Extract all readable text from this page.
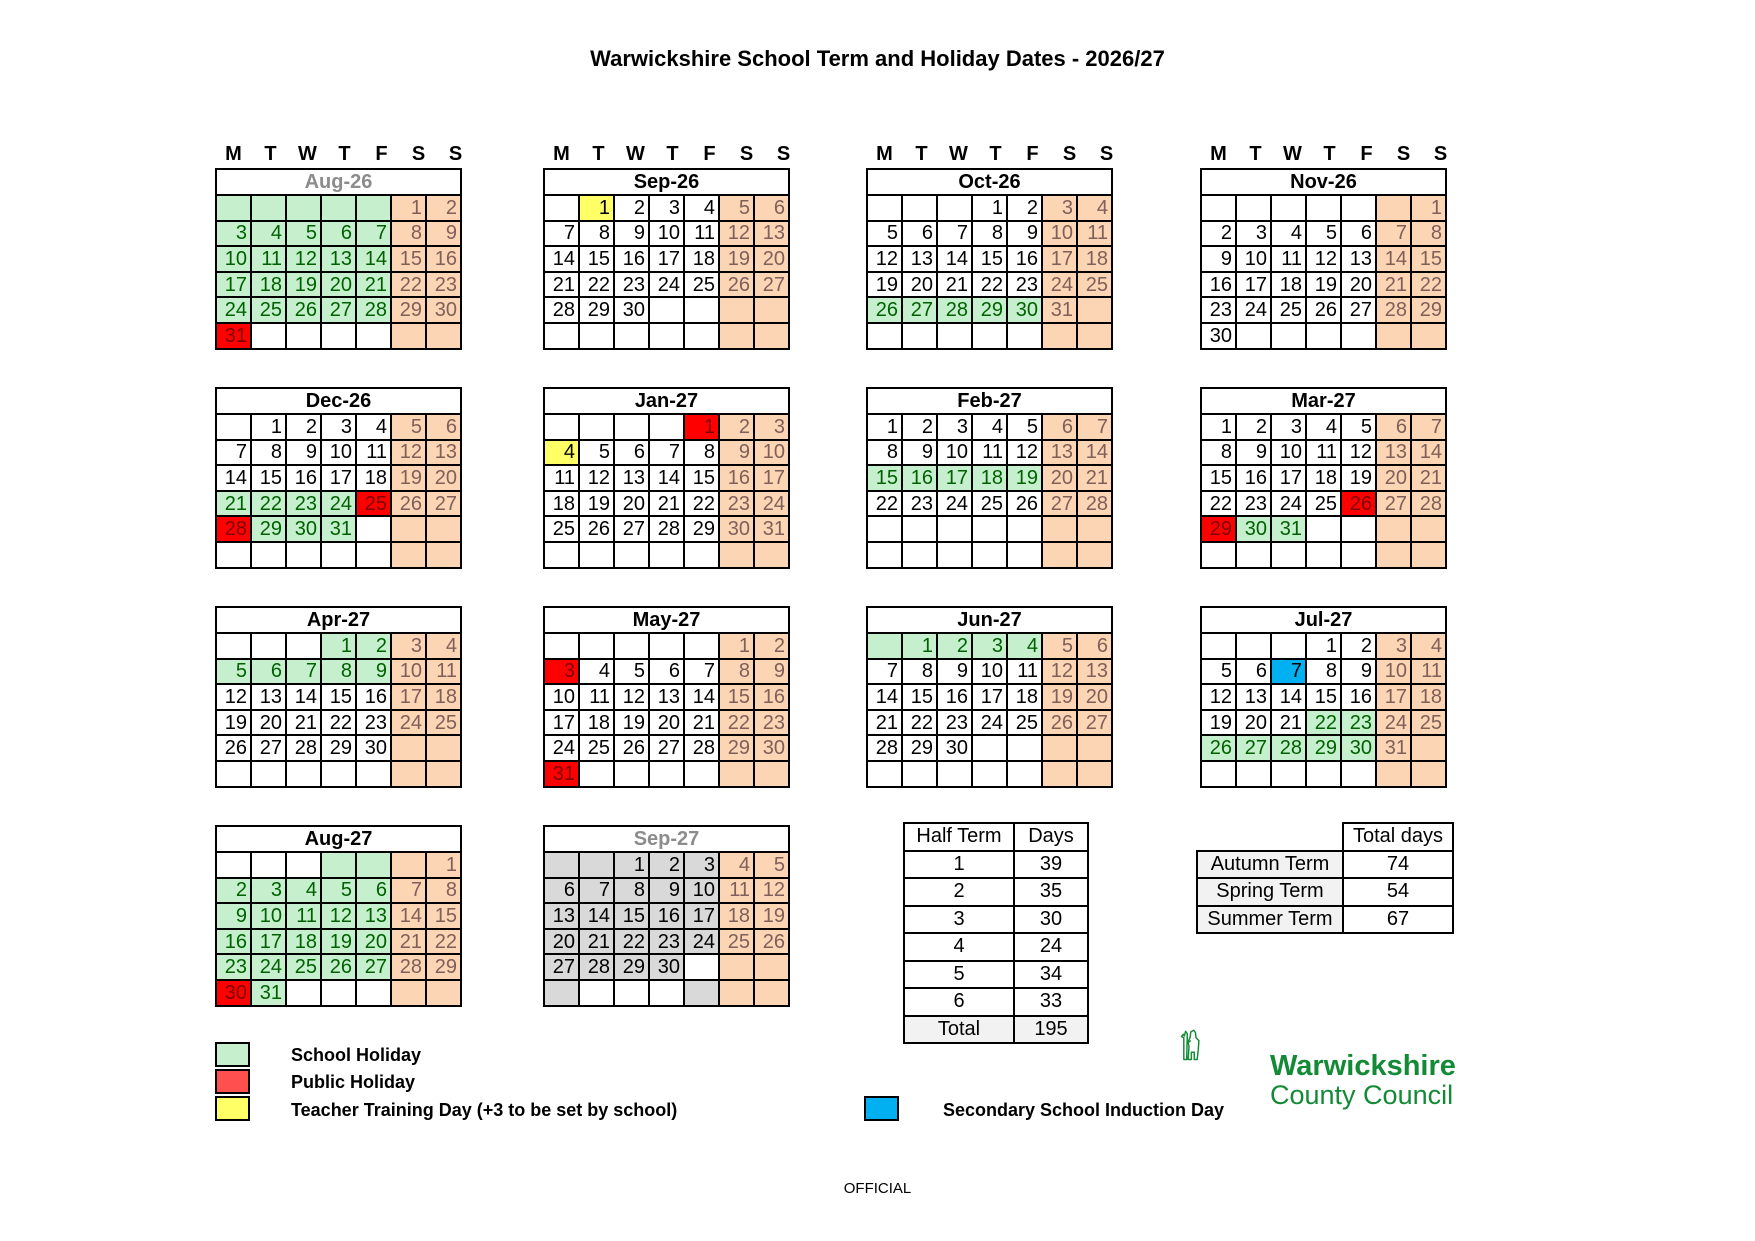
Warwickshire School Term and Holiday Dates - 2026/27
M	T	W	T	F	S	S	M	T	W	T	F	S	S	M	T	W	T	F	S	S	M	T	W	T	F	S	S
Aug-26						
					1	2
3	4	5	6	7	8	9
10	11	12	13	14	15	16
17	18	19	20	21	22	23
24	25	26	27	28	29	30
31						
Sep-26						
	1	2	3	4	5	6
7	8	9	10	11	12	13
14	15	16	17	18	19	20
21	22	23	24	25	26	27
28	29	30				

Oct-26						
			1	2	3	4
5	6	7	8	9	10	11
12	13	14	15	16	17	18
19	20	21	22	23	24	25
26	27	28	29	30	31	

Nov-26						
						1
2	3	4	5	6	7	8
9	10	11	12	13	14	15
16	17	18	19	20	21	22
23	24	25	26	27	28	29
30						
Dec-26						
	1	2	3	4	5	6
7	8	9	10	11	12	13
14	15	16	17	18	19	20
21	22	23	24	25	26	27
28	29	30	31			

Jan-27						
				1	2	3
4	5	6	7	8	9	10
11	12	13	14	15	16	17
18	19	20	21	22	23	24
25	26	27	28	29	30	31

Feb-27						
1	2	3	4	5	6	7
8	9	10	11	12	13	14
15	16	17	18	19	20	21
22	23	24	25	26	27	28

Mar-27						
1	2	3	4	5	6	7
8	9	10	11	12	13	14
15	16	17	18	19	20	21
22	23	24	25	26	27	28
29	30	31				

Apr-27						
			1	2	3	4
5	6	7	8	9	10	11
12	13	14	15	16	17	18
19	20	21	22	23	24	25
26	27	28	29	30		

May-27						
					1	2
3	4	5	6	7	8	9
10	11	12	13	14	15	16
17	18	19	20	21	22	23
24	25	26	27	28	29	30
31						
Jun-27						
	1	2	3	4	5	6
7	8	9	10	11	12	13
14	15	16	17	18	19	20
21	22	23	24	25	26	27
28	29	30				

Jul-27						
			1	2	3	4
5	6	7	8	9	10	11
12	13	14	15	16	17	18
19	20	21	22	23	24	25
26	27	28	29	30	31	

Aug-27						
						1
2	3	4	5	6	7	8
9	10	11	12	13	14	15
16	17	18	19	20	21	22
23	24	25	26	27	28	29
30	31					
Sep-27						
		1	2	3	4	5
6	7	8	9	10	11	12
13	14	15	16	17	18	19
20	21	22	23	24	25	26
27	28	29	30			

Half Term	Days
1	39
2	35
3	30
4	24
5	34
6	33
Total	195
	Total days
Autumn Term	74
Spring Term	54
Summer Term	67
School Holiday
Public Holiday
Teacher Training Day (+3 to be set by school)	Secondary School Induction Day
Warwickshire
County Council
OFFICIAL
